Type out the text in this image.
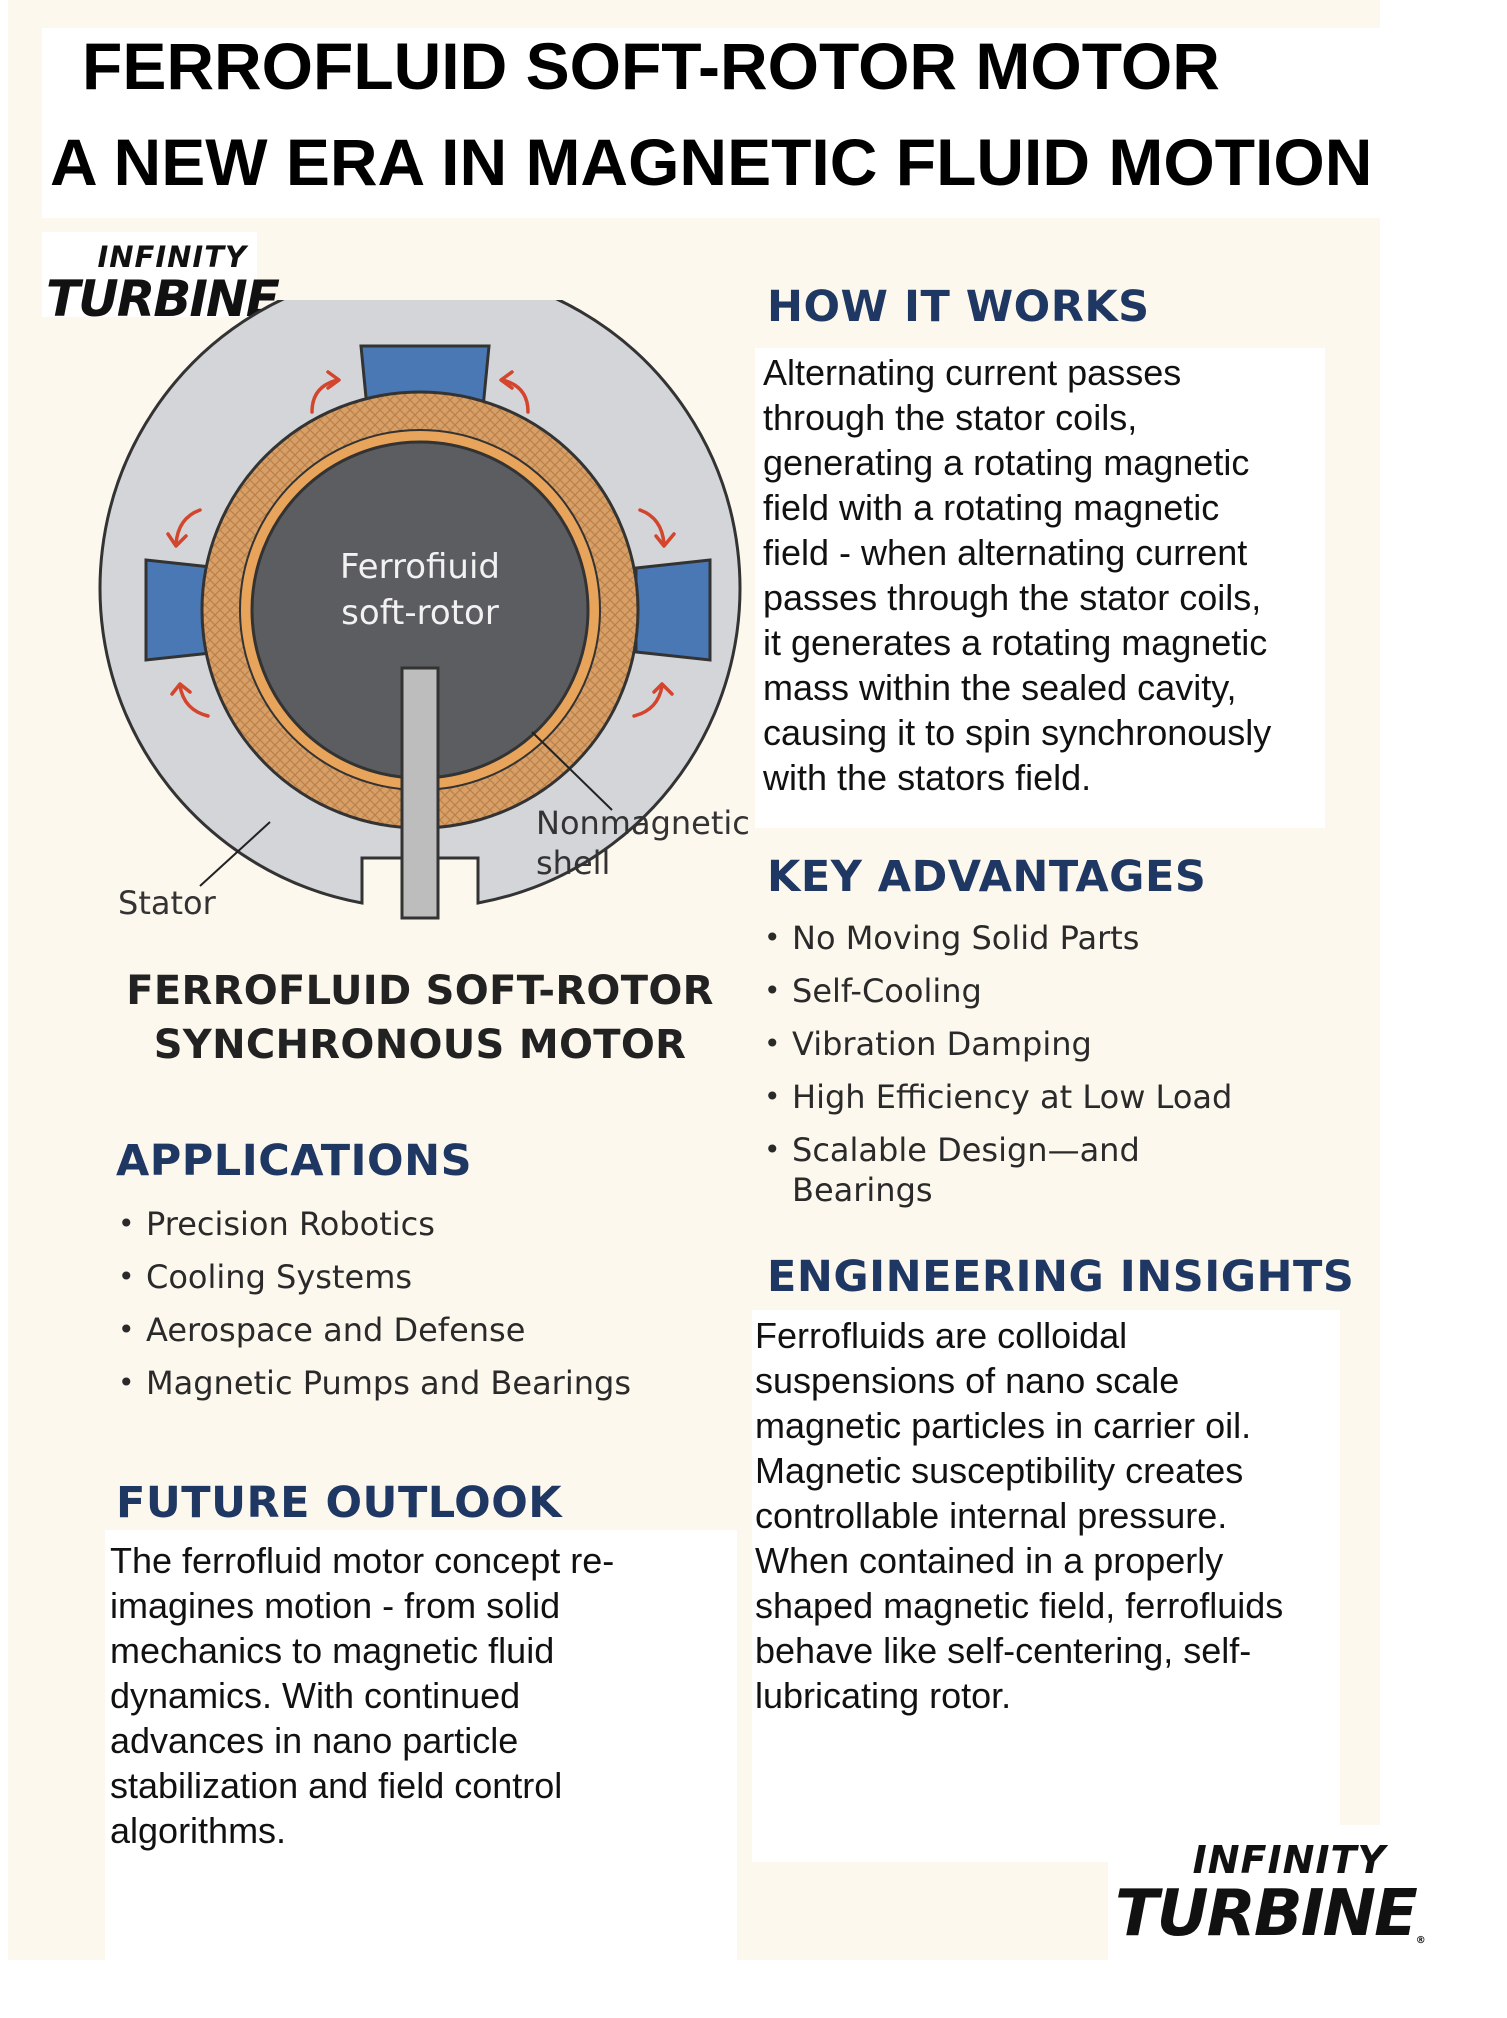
FERROFLUID SOFT-ROTOR MOTOR
A NEW ERA IN MAGNETIC FLUID MOTION
INFINITY
TURBINE
Ferrofiuid
soft-rotor
Nonmagnetic
shell
Stator
FERROFLUID SOFT-ROTOR
SYNCHRONOUS MOTOR
HOW IT WORKS
Alternating current passes
through the stator coils,
generating a rotating magnetic
field with a rotating magnetic
field - when alternating current
passes through the stator coils,
it generates a rotating magnetic
mass within the sealed cavity,
causing it to spin synchronously
with the stators field.
KEY ADVANTAGES
• No Moving Solid Parts
• Self-Cooling
• Vibration Damping
• High Efficiency at Low Load
• Scalable Design—and Bearings
ENGINEERING INSIGHTS
Ferrofluids are colloidal
suspensions of nano scale
magnetic particles in carrier oil.
Magnetic susceptibility creates
controllable internal pressure.
When contained in a properly
shaped magnetic field, ferrofluids
behave like self-centering, self-
lubricating rotor.
APPLICATIONS
• Precision Robotics
• Cooling Systems
• Aerospace and Defense
• Magnetic Pumps and Bearings
FUTURE OUTLOOK
The ferrofluid motor concept re-
imagines motion - from solid
mechanics to magnetic fluid
dynamics. With continued
advances in nano particle
stabilization and field control
algorithms.
INFINITY
TURBINE®
